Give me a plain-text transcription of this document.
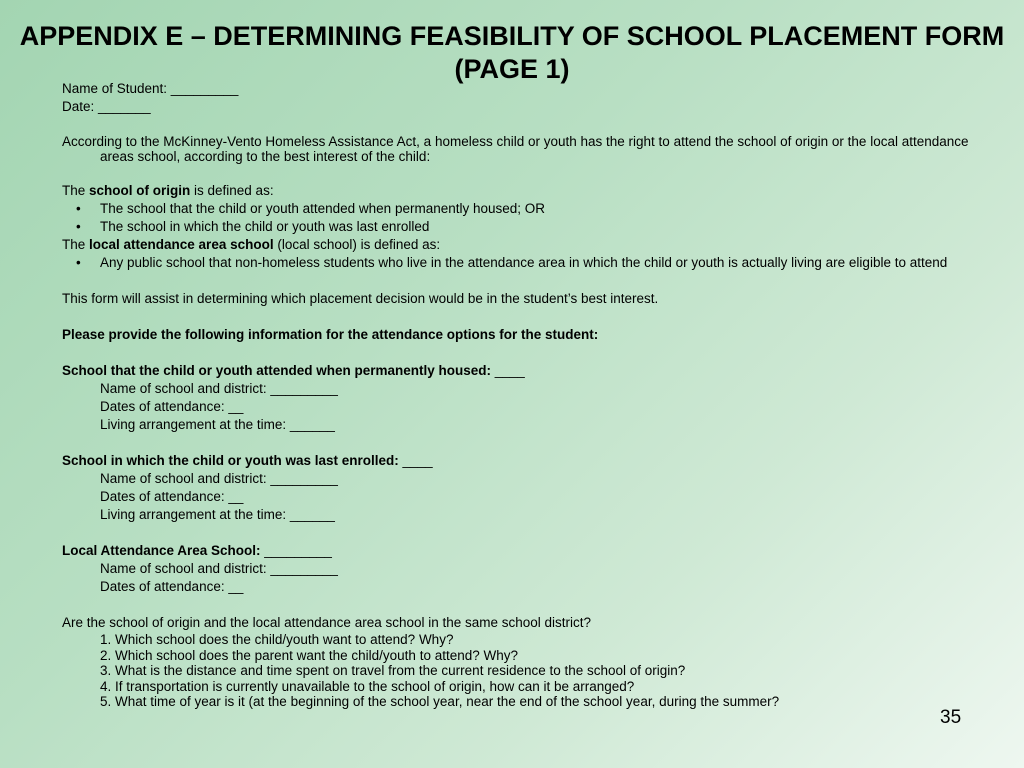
APPENDIX E – DETERMINING FEASIBILITY OF SCHOOL PLACEMENT FORM (PAGE 1)
Name of Student: _________
Date: _______
According to the McKinney-Vento Homeless Assistance Act, a homeless child or youth has the right to attend the school of origin or the local attendance areas school, according to the best interest of the child:
The school of origin is defined as:
• The school that the child or youth attended when permanently housed; OR
• The school in which the child or youth was last enrolled
The local attendance area school (local school) is defined as:
• Any public school that non-homeless students who live in the attendance area in which the child or youth is actually living are eligible to attend
This form will assist in determining which placement decision would be in the student’s best interest.
Please provide the following information for the attendance options for the student:
School that the child or youth attended when permanently housed: ____
Name of school and district: _________
Dates of attendance: __
Living arrangement at the time: ______
School in which the child or youth was last enrolled: ____
Name of school and district: _________
Dates of attendance: __
Living arrangement at the time: ______
Local Attendance Area School: _________
Name of school and district: _________
Dates of attendance: __
Are the school of origin and the local attendance area school in the same school district?
1. Which school does the child/youth want to attend? Why?
2. Which school does the parent want the child/youth to attend? Why?
3. What is the distance and time spent on travel from the current residence to the school of origin?
4. If transportation is currently unavailable to the school of origin, how can it be arranged?
5. What time of year is it (at the beginning of the school year, near the end of the school year, during the summer?
35
